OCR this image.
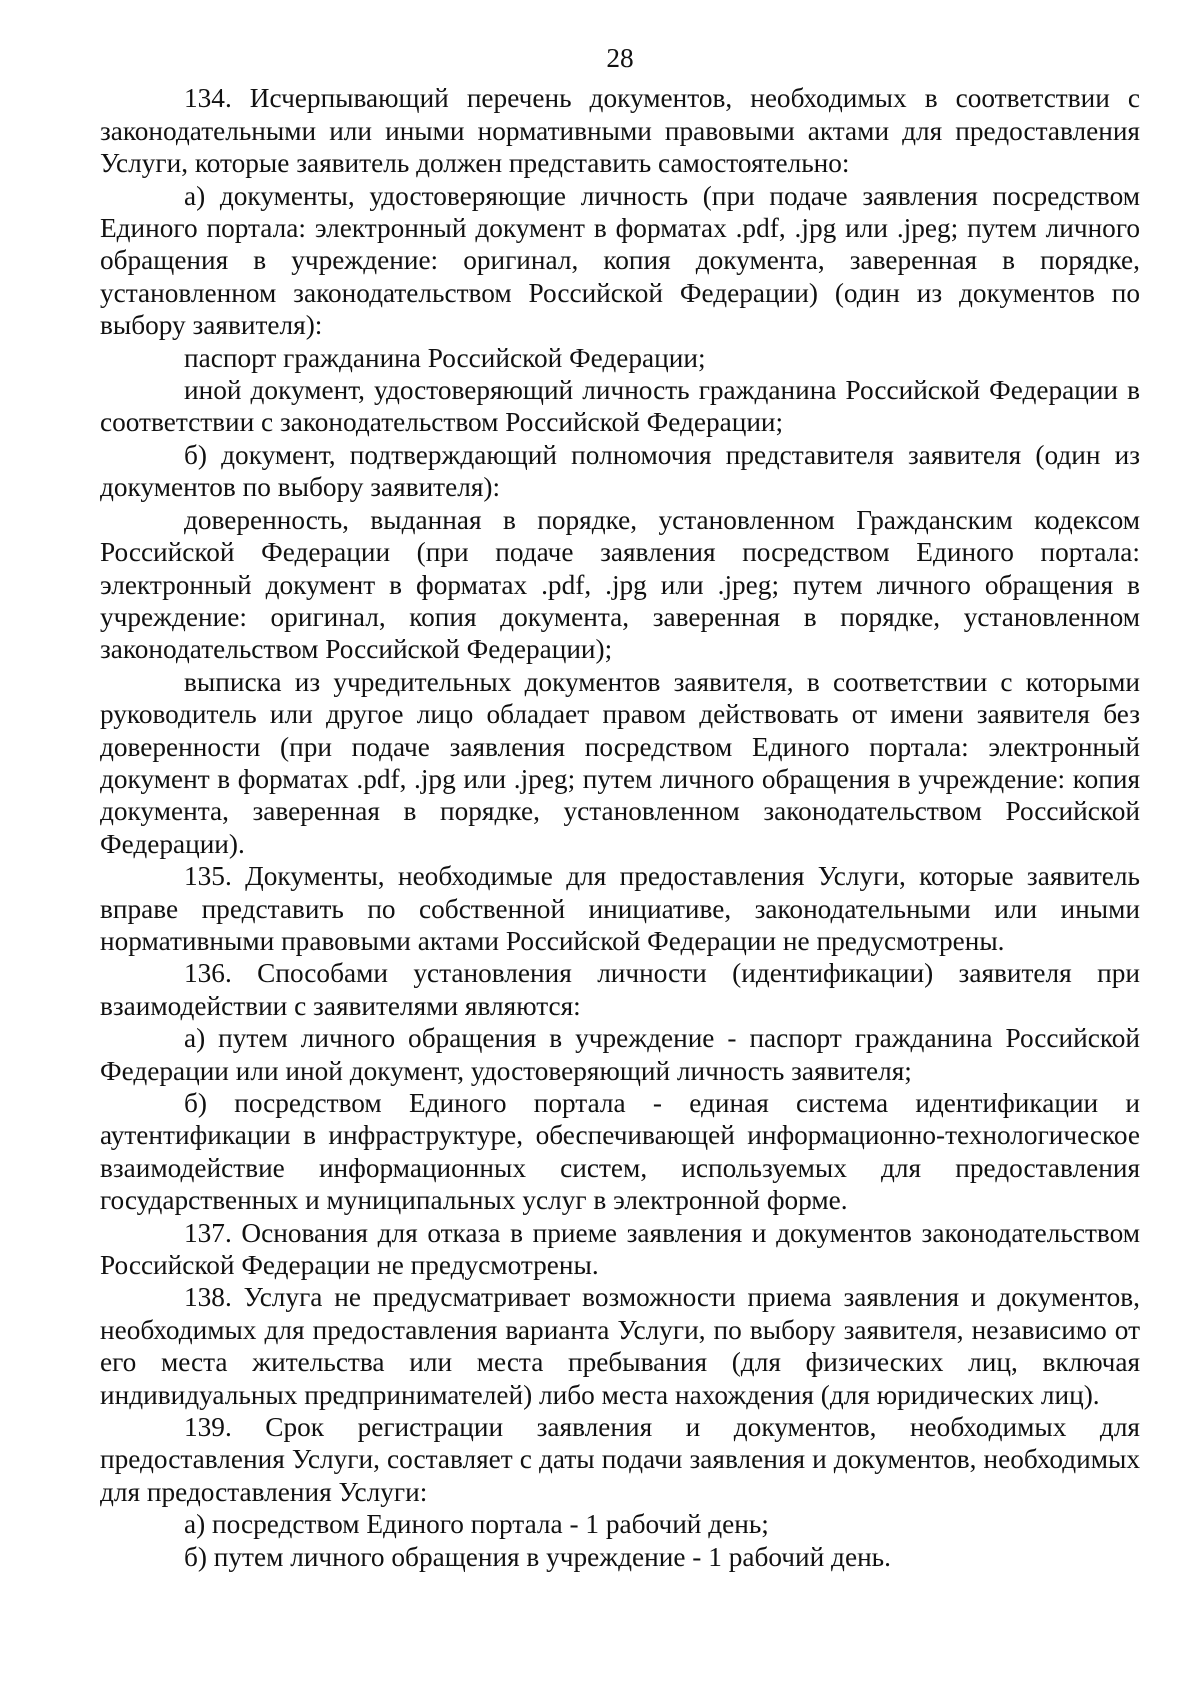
28

134. Исчерпывающий перечень документов, необходимых в соответствии с законодательными или иными нормативными правовыми актами для предоставления Услуги, которые заявитель должен представить самостоятельно:

а) документы, удостоверяющие личность (при подаче заявления посредством Единого портала: электронный документ в форматах .pdf, .jpg или .jpeg; путем личного обращения в учреждение: оригинал, копия документа, заверенная в порядке, установленном законодательством Российской Федерации) (один из документов по выбору заявителя):

паспорт гражданина Российской Федерации;

иной документ, удостоверяющий личность гражданина Российской Федерации в соответствии с законодательством Российской Федерации;

б) документ, подтверждающий полномочия представителя заявителя (один из документов по выбору заявителя):

доверенность, выданная в порядке, установленном Гражданским кодексом Российской Федерации (при подаче заявления посредством Единого портала: электронный документ в форматах .pdf, .jpg или .jpeg; путем личного обращения в учреждение: оригинал, копия документа, заверенная в порядке, установленном законодательством Российской Федерации);

выписка из учредительных документов заявителя, в соответствии с которыми руководитель или другое лицо обладает правом действовать от имени заявителя без доверенности (при подаче заявления посредством Единого портала: электронный документ в форматах .pdf, .jpg или .jpeg; путем личного обращения в учреждение: копия документа, заверенная в порядке, установленном законодательством Российской Федерации).

135. Документы, необходимые для предоставления Услуги, которые заявитель вправе представить по собственной инициативе, законодательными или иными нормативными правовыми актами Российской Федерации не предусмотрены.

136. Способами установления личности (идентификации) заявителя при взаимодействии с заявителями являются:

а) путем личного обращения в учреждение - паспорт гражданина Российской Федерации или иной документ, удостоверяющий личность заявителя;

б) посредством Единого портала - единая система идентификации и аутентификации в инфраструктуре, обеспечивающей информационно-технологическое взаимодействие информационных систем, используемых для предоставления государственных и муниципальных услуг в электронной форме.

137. Основания для отказа в приеме заявления и документов законодательством Российской Федерации не предусмотрены.

138. Услуга не предусматривает возможности приема заявления и документов, необходимых для предоставления варианта Услуги, по выбору заявителя, независимо от его места жительства или места пребывания (для физических лиц, включая индивидуальных предпринимателей) либо места нахождения (для юридических лиц).

139. Срок регистрации заявления и документов, необходимых для предоставления Услуги, составляет с даты подачи заявления и документов, необходимых для предоставления Услуги:

а) посредством Единого портала - 1 рабочий день;

б) путем личного обращения в учреждение - 1 рабочий день.
